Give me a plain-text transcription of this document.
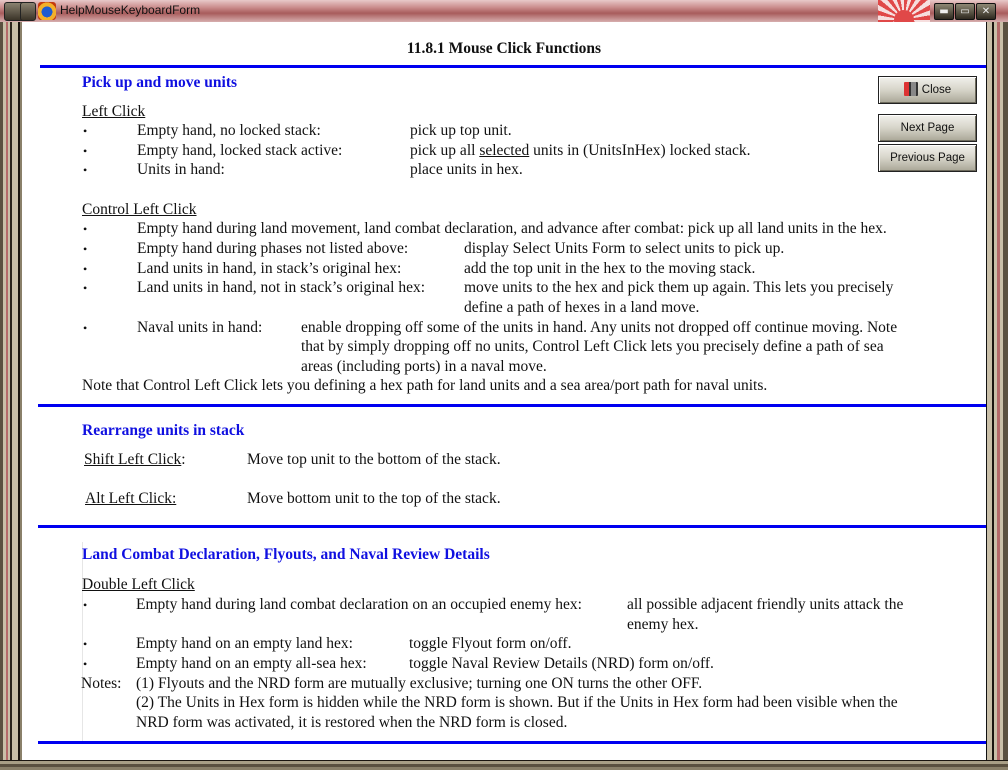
HelpMouseKeyboardForm	▬	▭	✕
11.8.1 Mouse Click Functions
Pick up and move units
Left Click
•	Empty hand, no locked stack:	pick up top unit.
•	Empty hand, locked stack active:	pick up all selected units in (UnitsInHex) locked stack.
•	Units in hand:	place units in hex.
Control Left Click
•	Empty hand during land movement, land combat declaration, and advance after combat: pick up all land units in the hex.
•	Empty hand during phases not listed above:	display Select Units Form to select units to pick up.
•	Land units in hand, in stack’s original hex:	add the top unit in the hex to the moving stack.
•	Land units in hand, not in stack’s original hex:	move units to the hex and pick them up again. This lets you precisely
define a path of hexes in a land move.
•	Naval units in hand: enable dropping off some of the units in hand. Any units not dropped off continue moving. Note
that by simply dropping off no units, Control Left Click lets you precisely define a path of sea
areas (including ports) in a naval move.
Note that Control Left Click lets you defining a hex path for land units and a sea area/port path for naval units.
Rearrange units in stack
Shift Left Click:	Move top unit to the bottom of the stack.
Alt Left Click:	Move bottom unit to the top of the stack.
Land Combat Declaration, Flyouts, and Naval Review Details
Double Left Click
•	Empty hand during land combat declaration on an occupied enemy hex:	all possible adjacent friendly units attack the
enemy hex.
•	Empty hand on an empty land hex:	toggle Flyout form on/off.
•	Empty hand on an empty all-sea hex:	toggle Naval Review Details (NRD) form on/off.
Notes: (1) Flyouts and the NRD form are mutually exclusive; turning one ON turns the other OFF.
(2) The Units in Hex form is hidden while the NRD form is shown. But if the Units in Hex form had been visible when the
NRD form was activated, it is restored when the NRD form is closed.
Close
Next Page
Previous Page
